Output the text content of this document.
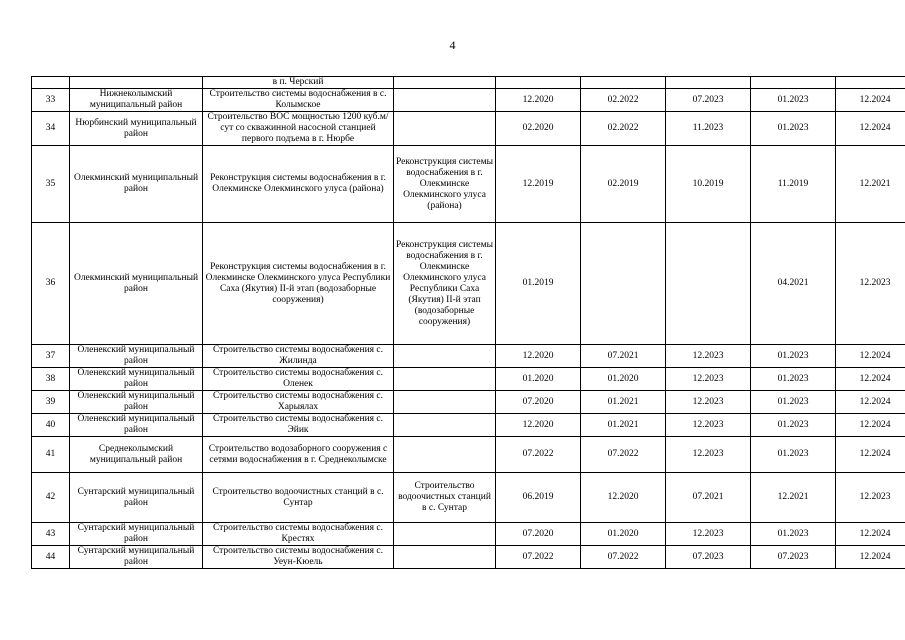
4
		в п. Черский						
33	Нижнеколымский муниципальный район	Строительство системы водоснабжения в с. Колымское		12.2020	02.2022	07.2023	01.2023	12.2024
34	Нюрбинский муниципальный район	Строительство ВОС мощностью 1200 куб.м/сут со скважинной насосной станцией первого подъема в г. Нюрбе		02.2020	02.2022	11.2023	01.2023	12.2024
35	Олекминский муниципальный район	Реконструкция системы водоснабжения в г. Олекминске Олекминского улуса (района)	Реконструкция системы водоснабжения в г. Олекминске Олекминского улуса (района)	12.2019	02.2019	10.2019	11.2019	12.2021
36	Олекминский муниципальный район	Реконструкция системы водоснабжения в г. Олекминске Олекминского улуса Республики Саха (Якутия) II-й этап (водозаборные сооружения)	Реконструкция системы водоснабжения в г. Олекминске Олекминского улуса Республики Саха (Якутия) II-й этап (водозаборные сооружения)	01.2019			04.2021	12.2023
37	Оленекский муниципальный район	Строительство системы водоснабжения с. Жилинда		12.2020	07.2021	12.2023	01.2023	12.2024
38	Оленекский муниципальный район	Строительство системы водоснабжения с. Оленек		01.2020	01.2020	12.2023	01.2023	12.2024
39	Оленекский муниципальный район	Строительство системы водоснабжения с. Харыялах		07.2020	01.2021	12.2023	01.2023	12.2024
40	Оленекский муниципальный район	Строительство системы водоснабжения с. Эйик		12.2020	01.2021	12.2023	01.2023	12.2024
41	Среднеколымский муниципальный район	Строительство водозаборного сооружения с сетями водоснабжения в г. Среднеколымске		07.2022	07.2022	12.2023	01.2023	12.2024
42	Сунтарский муниципальный район	Строительство водоочистных станций в с. Сунтар	Строительство водоочистных станций в с. Сунтар	06.2019	12.2020	07.2021	12.2021	12.2023
43	Сунтарский муниципальный район	Строительство системы водоснабжения с. Крестях		07.2020	01.2020	12.2023	01.2023	12.2024
44	Сунтарский муниципальный район	Строительство системы водоснабжения с. Уеун-Кюель		07.2022	07.2022	07.2023	07.2023	12.2024
